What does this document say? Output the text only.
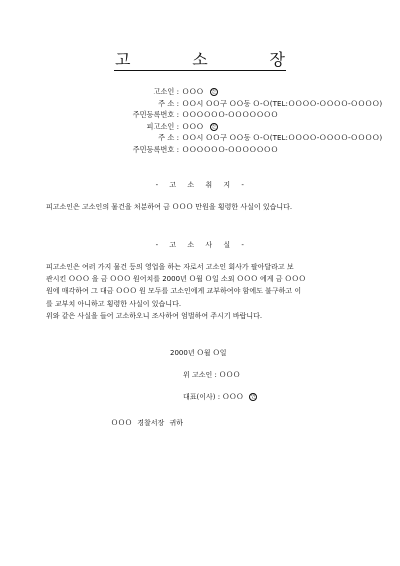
고	소	장
고소인 : ＯＯＯ 인
주 소 : ＯＯ시 ＯＯ구 ＯＯ동 Ｏ-Ｏ(TEL:ＯＯＯＯ-ＯＯＯＯ-ＯＯＯＯ)
주민등록번호 : ＯＯＯＯＯＯ-ＯＯＯＯＯＯＯ
피고소인 : ＯＯＯ 인
주 소 : ＯＯ시 ＯＯ구 ＯＯ동 Ｏ-Ｏ(TEL:ＯＯＯＯ-ＯＯＯＯ-ＯＯＯＯ)
주민등록번호 : ＯＯＯＯＯＯ-ＯＯＯＯＯＯＯ
- 고 소 취 지 -
피고소인은 고소인의 물건을 처분하여 금 ＯＯＯ 만원을 횡령한 사실이 있습니다.
- 고 소 사 실 -
피고소인은 여러 가지 물건 등의 영업을 하는 자로서 고소인 회사가 팔아달라고 보
관시킨 ＯＯＯ 을 금 ＯＯＯ 원어치를 2000년 Ｏ월 Ｏ일 소외 ＯＯＯ 에게 금 ＯＯＯ
원에 매각하여 그 대금 ＯＯＯ 원 모두를 고소인에게 교부하여야 함에도 불구하고 이
를 교부치 아니하고 횡령한 사실이 있습니다.
위와 같은 사실을 들어 고소하오니 조사하여 엄벌하여 주시기 바랍니다.
2000년 Ｏ월 Ｏ일
위 고소인 : ＯＯＯ
대표(이사) : ＯＯＯ 인
ＯＯＯ 경찰서장 귀하
